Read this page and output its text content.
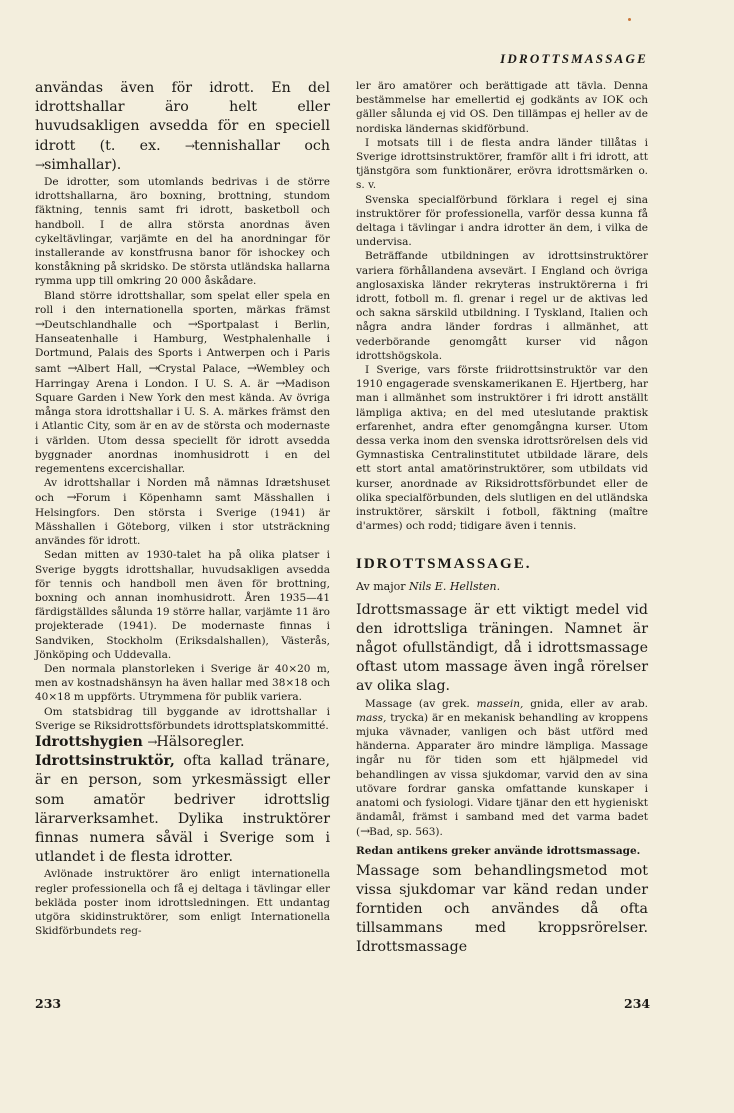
IDROTTSMASSAGE

användas även för idrott. En del idrottshallar äro helt eller huvudsakligen avsedda för en speciell idrott (t. ex. →tennishallar och →simhallar).

De idrotter, som utomlands bedrivas i de större idrottshallarna, äro boxning, brottning, stundom fäktning, tennis samt fri idrott, basketboll och handboll. I de allra största anordnas även cykeltävlingar, varjämte en del ha anordningar för installerande av konstfrusna banor för ishockey och konståkning på skridsko. De största utländska hallarna rymma upp till omkring 20 000 åskådare.

Bland större idrottshallar, som spelat eller spela en roll i den internationella sporten, märkas främst →Deutschlandhalle och →Sportpalast i Berlin, Hanseatenhalle i Hamburg, Westphalenhalle i Dortmund, Palais des Sports i Antwerpen och i Paris samt →Albert Hall, →Crystal Palace, →Wembley och Harringay Arena i London. I U. S. A. är →Madison Square Garden i New York den mest kända. Av övriga många stora idrottshallar i U. S. A. märkes främst den i Atlantic City, som är en av de största och modernaste i världen. Utom dessa speciellt för idrott avsedda byggnader anordnas inomhusidrott i en del regementens excercishallar.

Av idrottshallar i Norden må nämnas Idrætshuset och →Forum i Köpenhamn samt Mässhallen i Helsingfors. Den största i Sverige (1941) är Mässhallen i Göteborg, vilken i stor utsträckning användes för idrott.

Sedan mitten av 1930-talet ha på olika platser i Sverige byggts idrottshallar, huvudsakligen avsedda för tennis och handboll men även för brottning, boxning och annan inomhusidrott. Åren 1935—41 färdigställdes sålunda 19 större hallar, varjämte 11 äro projekterade (1941). De modernaste finnas i Sandviken, Stockholm (Eriksdalshallen), Västerås, Jönköping och Uddevalla.

Den normala planstorleken i Sverige är 40×20 m, men av kostnadshänsyn ha även hallar med 38×18 och 40×18 m uppförts. Utrymmena för publik variera.

Om statsbidrag till byggande av idrottshallar i Sverige se Riksidrottsförbundets idrottsplatskommitté.

Idrottshygien →Hälsoregler.

Idrottsinstruktör, ofta kallad tränare, är en person, som yrkesmässigt eller som amatör bedriver idrottslig lärarverksamhet. Dylika instruktörer finnas numera såväl i Sverige som i utlandet i de flesta idrotter.

Avlönade instruktörer äro enligt internationella regler professionella och få ej deltaga i tävlingar eller bekläda poster inom idrottsledningen. Ett undantag utgöra skidinstruktörer, som enligt Internationella Skidförbundets reg-

233

ler äro amatörer och berättigade att tävla. Denna bestämmelse har emellertid ej godkänts av IOK och gäller sålunda ej vid OS. Den tillämpas ej heller av de nordiska ländernas skidförbund.

I motsats till i de flesta andra länder tillåtas i Sverige idrottsinstruktörer, framför allt i fri idrott, att tjänstgöra som funktionärer, erövra idrottsmärken o. s. v.

Svenska specialförbund förklara i regel ej sina instruktörer för professionella, varför dessa kunna få deltaga i tävlingar i andra idrotter än dem, i vilka de undervisa.

Beträffande utbildningen av idrottsinstruktörer variera förhållandena avsevärt. I England och övriga anglosaxiska länder rekryteras instruktörerna i fri idrott, fotboll m. fl. grenar i regel ur de aktivas led och sakna särskild utbildning. I Tyskland, Italien och några andra länder fordras i allmänhet, att vederbörande genomgått kurser vid någon idrottshögskola.

I Sverige, vars förste friidrottsinstruktör var den 1910 engagerade svenskamerikanen E. Hjertberg, har man i allmänhet som instruktörer i fri idrott anställt lämpliga aktiva; en del med uteslutande praktisk erfarenhet, andra efter genomgångna kurser. Utom dessa verka inom den svenska idrottsrörelsen dels vid Gymnastiska Centralinstitutet utbildade lärare, dels ett stort antal amatörinstruktörer, som utbildats vid kurser, anordnade av Riksidrottsförbundet eller de olika specialförbunden, dels slutligen en del utländska instruktörer, särskilt i fotboll, fäktning (maître d'armes) och rodd; tidigare även i tennis.

IDROTTSMASSAGE.

Av major Nils E. Hellsten.

Idrottsmassage är ett viktigt medel vid den idrottsliga träningen. Namnet är något ofullständigt, då i idrottsmassage oftast utom massage även ingå rörelser av olika slag.

Massage (av grek. massein, gnida, eller av arab. mass, trycka) är en mekanisk behandling av kroppens mjuka vävnader, vanligen och bäst utförd med händerna. Apparater äro mindre lämpliga. Massage ingår nu för tiden som ett hjälpmedel vid behandlingen av vissa sjukdomar, varvid den av sina utövare fordrar ganska omfattande kunskaper i anatomi och fysiologi. Vidare tjänar den ett hygieniskt ändamål, främst i samband med det varma badet (→Bad, sp. 563).

Redan antikens greker använde idrottsmassage.

Massage som behandlingsmetod mot vissa sjukdomar var känd redan under forntiden och användes då ofta tillsammans med kroppsrörelser. Idrottsmassage

234
